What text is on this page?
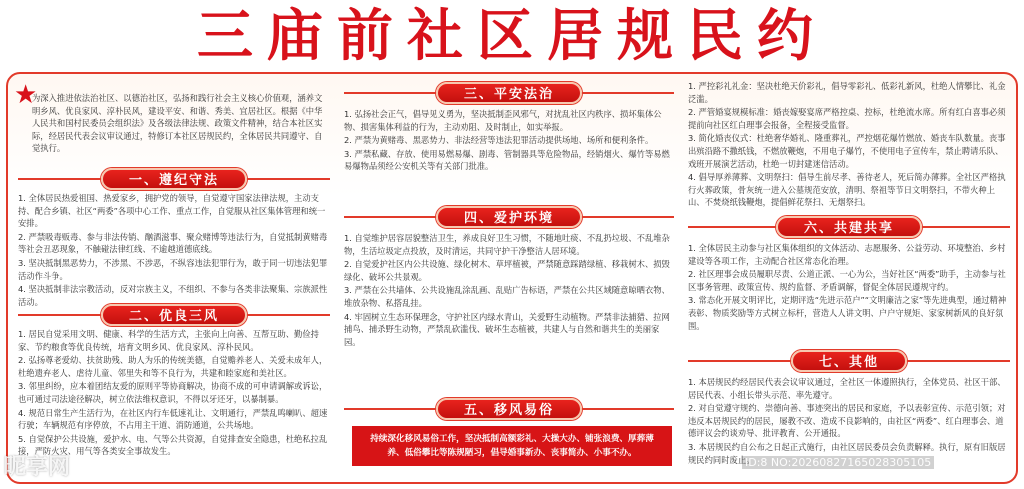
三庙前社区居规民约
★

为深入推进依法治社区、以德治社区，弘扬和践行社会主义核心价值观，涵养文明乡风、优良家风、淳朴民风，建设平安、和谐、秀美、宜居社区。根据《中华人民共和国村民委员会组织法》及各级法律法规、政策文件精神，结合本社区实际，经居民代表会议审议通过，特修订本社区居规民约，全体居民共同遵守、自觉执行。

一、遵纪守法

1. 全体居民热爱祖国、热爱家乡，拥护党的领导，自觉遵守国家法律法规，主动支持、配合乡镇、社区“两委”各项中心工作、重点工作，自觉服从社区集体管理和统一安排。

2. 严禁吸毒贩毒、参与非法传销、酗酒滋事、聚众赌博等违法行为，自觉抵制黄赌毒等社会丑恶现象，不触碰法律红线、不逾越道德底线。

3. 坚决抵制黑恶势力，不涉黑、不涉恶，不纵容违法犯罪行为，敢于同一切违法犯罪活动作斗争。

4. 坚决抵制非法宗教活动，反对宗族主义，不组织、不参与各类非法聚集、宗族派性活动。

二、优良三风

1. 居民自觉采用文明、健康、科学的生活方式，主张向上向善、互帮互助、勤俭持家、节约粮食等优良传统，培育文明乡风、优良家风、淳朴民风。

2. 弘扬尊老爱幼、扶贫助残、助人为乐的传统美德，自觉赡养老人、关爱未成年人，杜绝遗弃老人、虐待儿童、邻里失和等不良行为，共建和睦家庭和美社区。

3. 邻里纠纷，应本着团结友爱的原则平等协商解决，协商不成的可申请调解或诉讼，也可通过司法途径解决，树立依法维权意识，不得以牙还牙，以暴制暴。

4. 规范日常生产生活行为，在社区内行车低速礼让、文明通行，严禁乱鸣喇叭、超速行驶；车辆规范有序停放，不占用主干道、消防通道，公共场地。

5. 自觉保护公共设施，爱护水、电、气等公共资源，自觉排查安全隐患，杜绝私拉乱接，严防火灾、用气等各类安全事故发生。

三、平安法治

1. 弘扬社会正气，倡导见义勇为，坚决抵制歪风邪气，对扰乱社区内秩序、损坏集体公物、损害集体利益的行为，主动劝阻、及时制止，如实举报。

2. 严禁为黄赌毒、黑恶势力、非法经营等违法犯罪活动提供场地、场所和便利条件。

3. 严禁私藏、存放、使用易燃易爆、剧毒、管制器具等危险物品，经销烟火、爆竹等易燃易爆物品须经公安机关等有关部门批准。

四、爱护环境

1. 自觉维护居容居貌整洁卫生，养成良好卫生习惯，不随地吐痰、不乱扔垃圾、不乱堆杂物，生活垃圾定点投放，及时清运，共同守护干净整洁人居环境。

2. 自觉爱护社区内公共设施、绿化树木、草坪植被，严禁随意踩踏绿植、移栽树木、损毁绿化、破坏公共景观。

3. 严禁在公共墙体、公共设施乱涂乱画、乱贴广告标语，严禁在公共区域随意晾晒衣物、堆放杂物、私搭乱挂。

4. 牢固树立生态环保理念，守护社区内绿水青山，关爱野生动植物。严禁非法捕猎、拉网捕鸟、捕杀野生动物，严禁乱砍滥伐、破坏生态植被，共建人与自然和谐共生的美丽家园。

五、移风易俗
持续深化移风易俗工作，坚决抵制高额彩礼、大操大办、铺张浪费、厚葬薄养、低俗攀比等陈规陋习，倡导婚事新办、丧事简办、小事不办。

1. 严控彩礼礼金：坚决杜绝天价彩礼，倡导零彩礼、低彩礼新风，杜绝人情攀比、礼金泛滥。

2. 严管婚宴规模标准：婚丧嫁娶宴席严格控桌、控标，杜绝流水席。所有红白喜事必须提前向社区红白理事会报备，全程接受监督。

3. 简化婚丧仪式：杜绝奢华婚礼、隆重葬礼，严控烟花爆竹燃放、婚丧车队数量。丧事出殡沿路不撒纸钱，不燃放鞭炮，不用电子爆竹，不使用电子宣传车，禁止聘请乐队、戏班开展演艺活动，杜绝一切封建迷信活动。

4. 倡导厚养薄葬、文明祭扫：倡导生前尽孝、善待老人，死后简办薄葬。全社区严格执行火葬政策，骨灰统一进入公墓规范安放，清明、祭祖等节日文明祭扫，不带火种上山、不焚烧纸钱鞭炮，提倡鲜花祭扫、无烟祭扫。

六、共建共享

1. 全体居民主动参与社区集体组织的文体活动、志愿服务、公益劳动、环境整治、乡村建设等各项工作，主动配合社区常态化治理。

2. 社区理事会成员履职尽责、公道正派、一心为公，当好社区“两委”助手，主动参与社区事务管理、政策宣传、规约监督、矛盾调解，督促全体居民遵规守约。

3. 常态化开展文明评比，定期评选“先进示范户”“文明廉洁之家”等先进典型，通过精神表彰、物质奖励等方式树立标杆，营造人人讲文明、户户守规矩、家家树新风的良好氛围。

七、其他

1. 本居规民约经居民代表会议审议通过，全社区一体遵照执行，全体党员、社区干部、居民代表、小组长带头示范、率先遵守。

2. 对自觉遵守规约、崇德向善、事迹突出的居民和家庭，予以表彰宣传、示范引领；对违反本居规民约的居民，屡教不改、造成不良影响的，由社区“两委”、红白理事会、道德评议会约谈劝导、批评教育、公开通报。

3. 本居规民约自公布之日起正式施行，由社区居民委员会负责解释。执行，原有旧版居规民约同时废止。

昵享网	ID:8 NO:20260827165028305105
